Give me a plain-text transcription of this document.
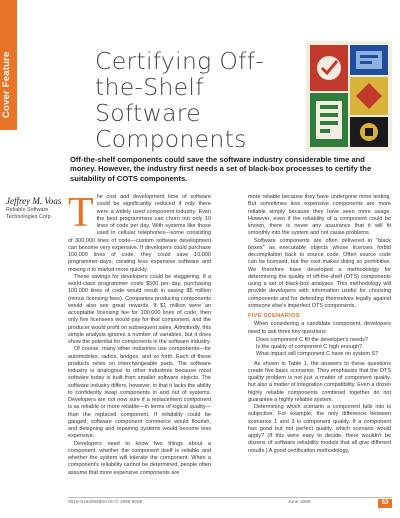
Cover Feature	Certifying Off-the-Shelf Software Components
Off-the-shelf components could save the software industry considerable time and money. However, the industry first needs a set of black-box processes to certify the suitability of COTS components.
Jeffrey M. Voas
Reliable Software Technologies Corp. T he cost and development time of software could be significantly reduced if only there were a widely used component industry. Even the best programmers can churn out only 10 lines of code per day. With systems like those used in cellular telephones—some consisting of 300,000 lines of code—custom software development can become very expensive. If developers could purchase 100,000 lines of code, they could save 10,000 programmer-days, creating less expensive software and moving it to market more quickly.

These savings for developers could be staggering. If a world-class programmer costs $500 per day, purchasing 100,000 lines of code would result in saving $5 million (minus licensing fees). Companies producing components would also see great rewards. If $1 million were an acceptable licensing fee for 100,000 lines of code, then only five licensees would pay for that component, and the producer would profit on subsequent sales. Admittedly, this simple analysis ignores a number of variables, but it does show the potential for components in the software industry.

Of course, many other industries use components—for automobiles, radios, bridges, and so forth. Each of these products relies on interchangeable parts. The software industry is analogous to other industries because most software today is built from smaller software objects. The software industry differs, however, in that it lacks the ability to confidently swap components in and out of systems. Developers are not now sure if a replacement component is as reliable or more reliable—in terms of logical quality—than the replaced component. If reliability could be gauged, software component commerce would flourish, and designing and repairing systems would become less expensive.

Developers need to know two things about a component: whether the component itself is reliable and whether the system will tolerate the component. When a component's reliability cannot be determined, people often assume that more expensive components are

more reliable because they have undergone more testing. But sometimes less expensive components are more reliable simply because they have seen more usage. However, even if the reliability of a component could be known, there is never any assurance that it will fit smoothly into the system and not cause problems.

Software components are often delivered in "black boxes" as executable objects whose licenses forbid decompilation back to source code. Often source code can be licensed, but the cost makes doing so prohibitive. We therefore have developed a methodology for determining the quality of off-the-shelf (OTS) components using a set of black-box analyses. This methodology will provide developers with information useful for choosing components and for defending themselves legally against someone else's imperfect OTS components.

FIVE SCENARIOS

When considering a candidate component, developers need to ask three key questions:

• Does component C fill the developer's needs?
• Is the quality of component C high enough?
• What impact will component C have on system S?

As shown in Table 1, the answers to these questions create five basic scenarios. They emphasize that the OTS quality problem is not just a matter of component quality, but also a matter of integration compatibility. Even a dozen highly reliable components combined together do not guarantee a highly reliable system.

Determining which scenario a component falls into is subjective. For example, the only difference between scenarios 1 and 3 is component quality. If a component has good but not perfect quality, which scenario would apply? (If this were easy to decide, there wouldn't be dozens of software reliability models that all give different results.) A good certification methodology,

0018-9162/98/$10.00 © 1998 IEEE	June 1998	53
